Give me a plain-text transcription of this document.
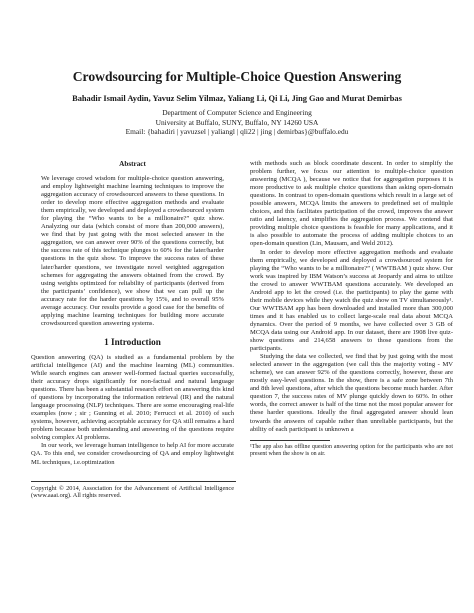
Crowdsourcing for Multiple-Choice Question Answering

Bahadir Ismail Aydin, Yavuz Selim Yilmaz, Yaliang Li, Qi Li, Jing Gao and Murat Demirbas

Department of Computer Science and Engineering
University at Buffalo, SUNY, Buffalo, NY 14260 USA
Email: {bahadiri | yavuzsel | yaliangl | qli22 | jing | demirbas}@buffalo.edu
Abstract

We leverage crowd wisdom for multiple-choice question answering, and employ lightweight machine learning techniques to improve the aggregation accuracy of crowdsourced answers to these questions. In order to develop more effective aggregation methods and evaluate them empirically, we developed and deployed a crowdsourced system for playing the “Who wants to be a millionaire?” quiz show. Analyzing our data (which consist of more than 200,000 answers), we find that by just going with the most selected answer in the aggregation, we can answer over 90% of the questions correctly, but the success rate of this technique plunges to 60% for the later/harder questions in the quiz show. To improve the success rates of these later/harder questions, we investigate novel weighted aggregation schemes for aggregating the answers obtained from the crowd. By using weights optimized for reliability of participants (derived from the participants’ confidence), we show that we can pull up the accuracy rate for the harder questions by 15%, and to overall 95% average accuracy. Our results provide a good case for the benefits of applying machine learning techniques for building more accurate crowdsourced question answering systems.

1 Introduction

Question answering (QA) is studied as a fundamental problem by the artificial intelligence (AI) and the machine learning (ML) communities. While search engines can answer well-formed factual queries successfully, their accuracy drops significantly for non-factual and natural language questions. There has been a substantial research effort on answering this kind of questions by incorporating the information retrieval (IR) and the natural language processing (NLP) techniques. There are some encouraging real-life examples (now ; sir ; Gunning et al. 2010; Ferrucci et al. 2010) of such systems, however, achieving acceptable accuracy for QA still remains a hard problem because both understanding and answering of the questions require solving complex AI problems.

In our work, we leverage human intelligence to help AI for more accurate QA. To this end, we consider crowdsourcing of QA and employ lightweight ML techniques, i.e.optimization

Copyright © 2014, Association for the Advancement of Artificial Intelligence (www.aaai.org). All rights reserved.

with methods such as block coordinate descent. In order to simplify the problem further, we focus our attention to multiple-choice question answering (MCQA ), because we notice that for aggregation purposes it is more productive to ask multiple choice questions than asking open-domain questions. In contrast to open-domain questions which result in a large set of possible answers, MCQA limits the answers to predefined set of multiple choices, and this facilitates participation of the crowd, improves the answer ratio and latency, and simplifies the aggregation process. We contend that providing multiple choice questions is feasible for many applications, and it is also possible to automate the process of adding multiple choices to an open-domain question (Lin, Mausam, and Weld 2012).

In order to develop more effective aggregation methods and evaluate them empirically, we developed and deployed a crowdsourced system for playing the “Who wants to be a millionaire?” ( WWTBAM ) quiz show. Our work was inspired by IBM Watson’s success at Jeopardy and aims to utilize the crowd to answer WWTBAM questions accurately. We developed an Android app to let the crowd (i.e. the participants) to play the game with their mobile devices while they watch the quiz show on TV simultaneously¹. Our WWTBAM app has been downloaded and installed more than 300,000 times and it has enabled us to collect large-scale real data about MCQA dynamics. Over the period of 9 months, we have collected over 3 GB of MCQA data using our Android app. In our dataset, there are 1908 live quiz-show questions and 214,658 answers to those questions from the participants.

Studying the data we collected, we find that by just going with the most selected answer in the aggregation (we call this the majority voting - MV scheme), we can answer 92% of the questions correctly, however, these are mostly easy-level questions. In the show, there is a safe zone between 7th and 8th level questions, after which the questions become much harder. After question 7, the success rates of MV plunge quickly down to 60%. In other words, the correct answer is half of the time not the most popular answer for these harder questions. Ideally the final aggregated answer should lean towards the answers of capable rather than unreliable participants, but the ability of each participant is unknown a

¹The app also has offline question answering option for the participants who are not present when the show is on air.
